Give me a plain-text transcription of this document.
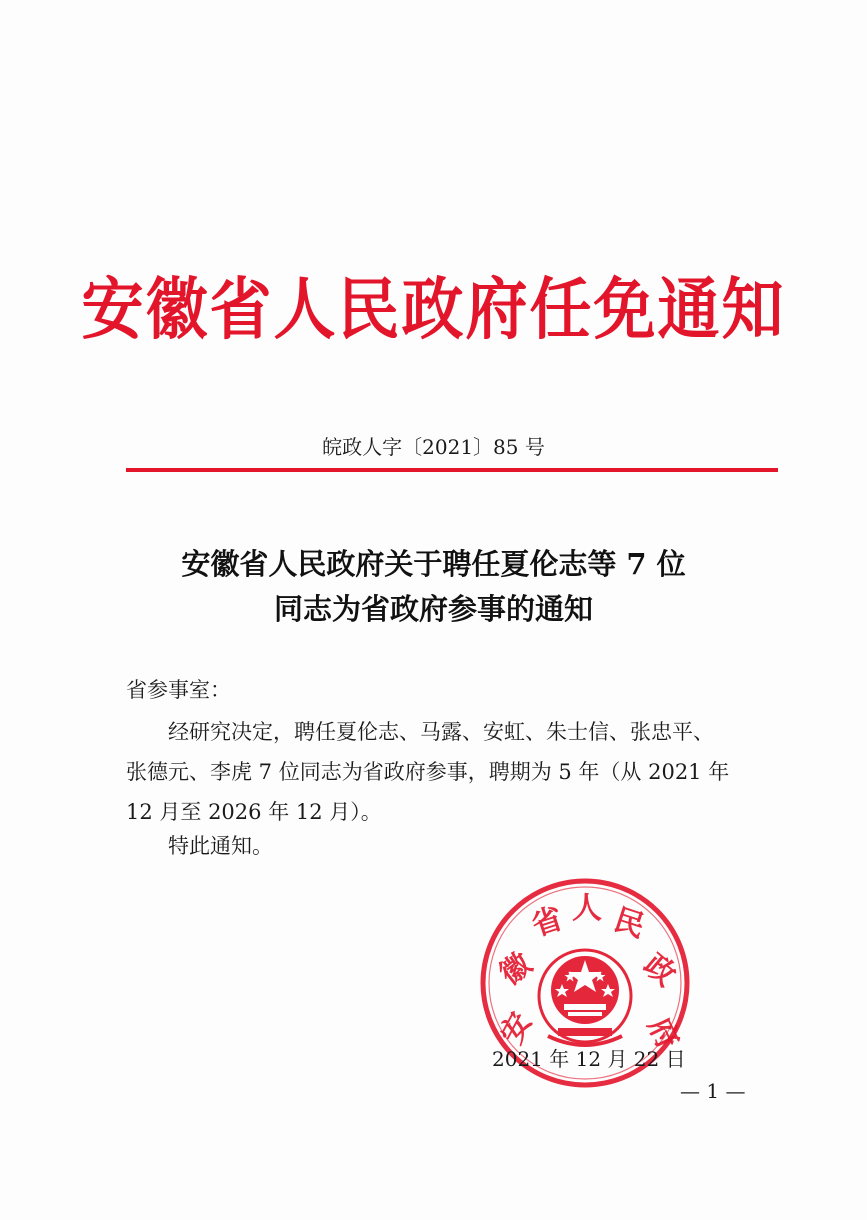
安徽省人民政府任免通知
皖政人字〔2021〕85 号
安徽省人民政府关于聘任夏伦志等 7 位
同志为省政府参事的通知
省参事室：
经研究决定，聘任夏伦志、马露、安虹、朱士信、张忠平、
张德元、李虎 7 位同志为省政府参事，聘期为 5 年（从 2021 年
12 月至 2026 年 12 月）。
特此通知。
安
徽
省 人 民
政
府
2021 年 12 月 22 日
— 1 —
